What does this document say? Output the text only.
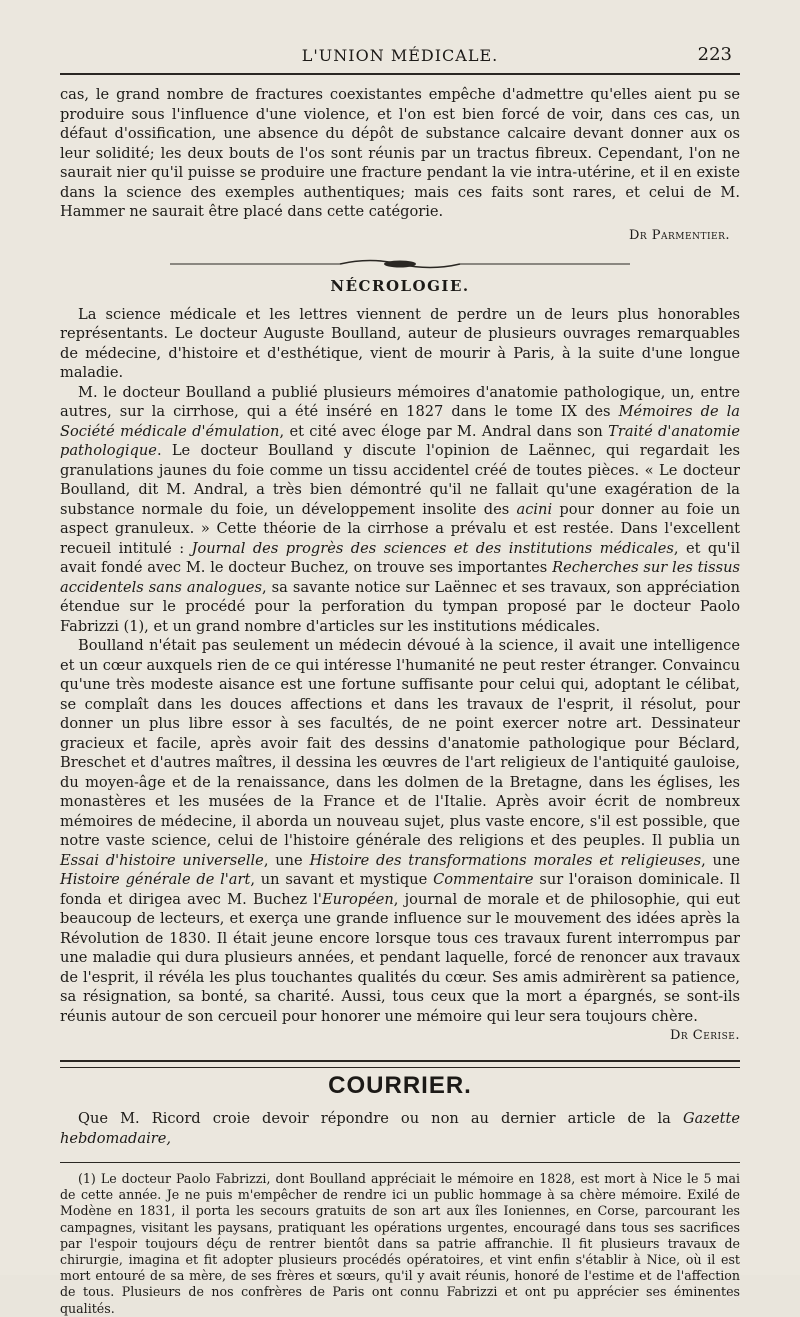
L'UNION MÉDICALE.	223

cas, le grand nombre de fractures coexistantes empêche d'admettre qu'elles aient pu se produire sous l'influence d'une violence, et l'on est bien forcé de voir, dans ces cas, un défaut d'ossification, une absence du dépôt de substance calcaire devant donner aux os leur solidité; les deux bouts de l'os sont réunis par un tractus fibreux. Cependant, l'on ne saurait nier qu'il puisse se produire une fracture pendant la vie intra-utérine, et il en existe dans la science des exemples authentiques; mais ces faits sont rares, et celui de M. Hammer ne saurait être placé dans cette catégorie.

Dr Parmentier.

NÉCROLOGIE.

La science médicale et les lettres viennent de perdre un de leurs plus honorables représentants. Le docteur Auguste Boulland, auteur de plusieurs ouvrages remarquables de médecine, d'histoire et d'esthétique, vient de mourir à Paris, à la suite d'une longue maladie.

M. le docteur Boulland a publié plusieurs mémoires d'anatomie pathologique, un, entre autres, sur la cirrhose, qui a été inséré en 1827 dans le tome IX des Mémoires de la Société médicale d'émulation, et cité avec éloge par M. Andral dans son Traité d'anatomie pathologique. Le docteur Boulland y discute l'opinion de Laënnec, qui regardait les granulations jaunes du foie comme un tissu accidentel créé de toutes pièces. « Le docteur Boulland, dit M. Andral, a très bien démontré qu'il ne fallait qu'une exagération de la substance normale du foie, un développement insolite des acini pour donner au foie un aspect granuleux. » Cette théorie de la cirrhose a prévalu et est restée. Dans l'excellent recueil intitulé : Journal des progrès des sciences et des institutions médicales, et qu'il avait fondé avec M. le docteur Buchez, on trouve ses importantes Recherches sur les tissus accidentels sans analogues, sa savante notice sur Laënnec et ses travaux, son appréciation étendue sur le procédé pour la perforation du tympan proposé par le docteur Paolo Fabrizzi (1), et un grand nombre d'articles sur les institutions médicales.

Boulland n'était pas seulement un médecin dévoué à la science, il avait une intelligence et un cœur auxquels rien de ce qui intéresse l'humanité ne peut rester étranger. Convaincu qu'une très modeste aisance est une fortune suffisante pour celui qui, adoptant le célibat, se complaît dans les douces affections et dans les travaux de l'esprit, il résolut, pour donner un plus libre essor à ses facultés, de ne point exercer notre art. Dessinateur gracieux et facile, après avoir fait des dessins d'anatomie pathologique pour Béclard, Breschet et d'autres maîtres, il dessina les œuvres de l'art religieux de l'antiquité gauloise, du moyen-âge et de la renaissance, dans les dolmen de la Bretagne, dans les églises, les monastères et les musées de la France et de l'Italie. Après avoir écrit de nombreux mémoires de médecine, il aborda un nouveau sujet, plus vaste encore, s'il est possible, que notre vaste science, celui de l'histoire générale des religions et des peuples. Il publia un Essai d'histoire universelle, une Histoire des transformations morales et religieuses, une Histoire générale de l'art, un savant et mystique Commentaire sur l'oraison dominicale. Il fonda et dirigea avec M. Buchez l'Européen, journal de morale et de philosophie, qui eut beaucoup de lecteurs, et exerça une grande influence sur le mouvement des idées après la Révolution de 1830. Il était jeune encore lorsque tous ces travaux furent interrompus par une maladie qui dura plusieurs années, et pendant laquelle, forcé de renoncer aux travaux de l'esprit, il révéla les plus touchantes qualités du cœur. Ses amis admirèrent sa patience, sa résignation, sa bonté, sa charité. Aussi, tous ceux que la mort a épargnés, se sont-ils réunis autour de son cercueil pour honorer une mémoire qui leur sera toujours chère.
Dr Cerise.

COURRIER.

Que M. Ricord croie devoir répondre ou non au dernier article de la Gazette hebdomadaire,

(1) Le docteur Paolo Fabrizzi, dont Boulland appréciait le mémoire en 1828, est mort à Nice le 5 mai de cette année. Je ne puis m'empêcher de rendre ici un public hommage à sa chère mémoire. Exilé de Modène en 1831, il porta les secours gratuits de son art aux îles Ioniennes, en Corse, parcourant les campagnes, visitant les paysans, pratiquant les opérations urgentes, encouragé dans tous ses sacrifices par l'espoir toujours déçu de rentrer bientôt dans sa patrie affranchie. Il fit plusieurs travaux de chirurgie, imagina et fit adopter plusieurs procédés opératoires, et vint enfin s'établir à Nice, où il est mort entouré de sa mère, de ses frères et sœurs, qu'il y avait réunis, honoré de l'estime et de l'affection de tous. Plusieurs de nos confrères de Paris ont connu Fabrizzi et ont pu apprécier ses éminentes qualités.
